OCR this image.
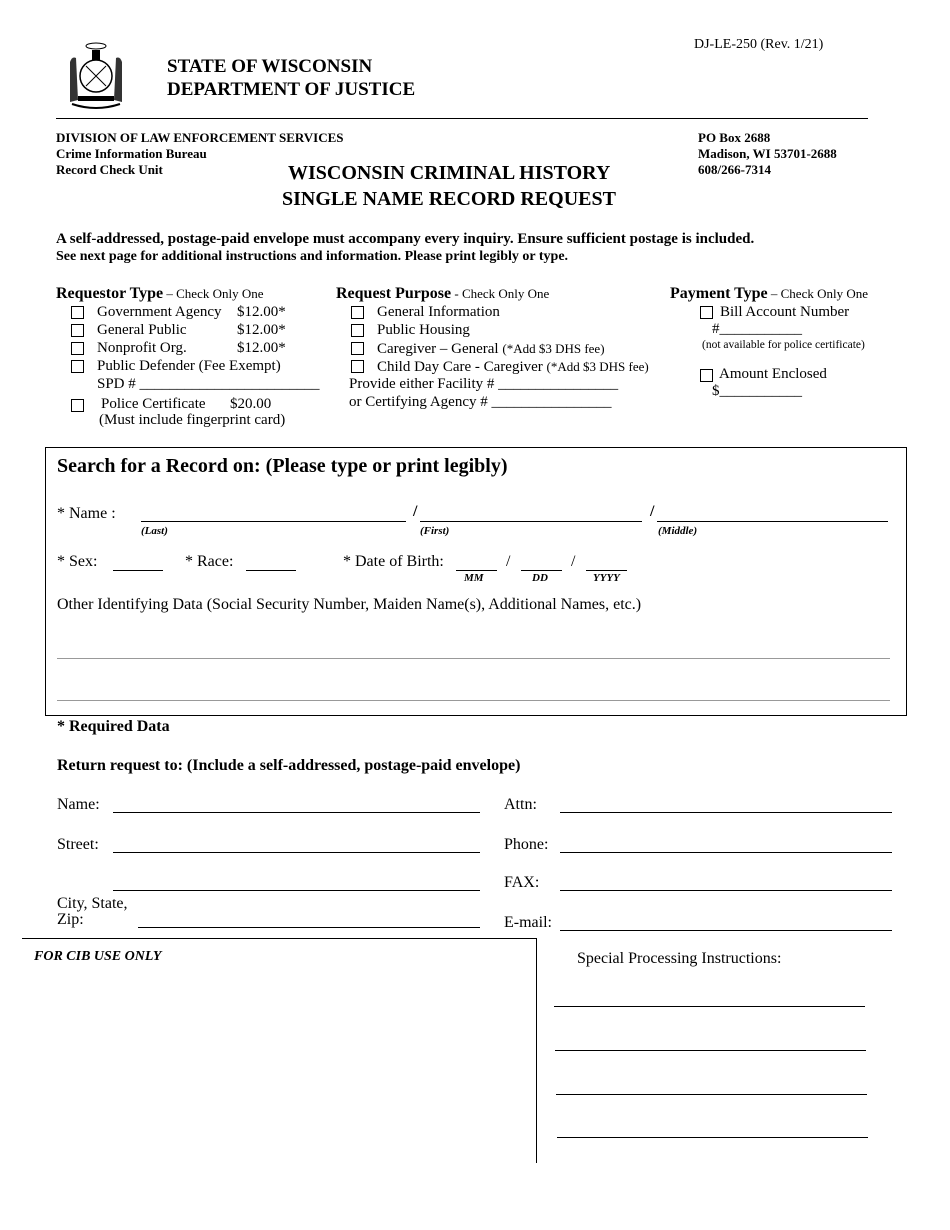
STATE OF WISCONSIN
DEPARTMENT OF JUSTICE
DJ-LE-250 (Rev. 1/21)
DIVISION OF LAW ENFORCEMENT SERVICES
Crime Information Bureau
Record Check Unit
PO Box 2688
Madison, WI 53701-2688
608/266-7314
WISCONSIN CRIMINAL HISTORY
SINGLE NAME RECORD REQUEST
A self-addressed, postage-paid envelope must accompany every inquiry. Ensure sufficient postage is included.
See next page for additional instructions and information. Please print legibly or type.
Requestor Type – Check Only One
Government Agency $12.00*
General Public	$12.00*
Nonprofit Org.	$12.00*
Public Defender (Fee Exempt)
SPD # ________________________
Police Certificate $20.00
(Must include fingerprint card)
Request Purpose - Check Only One
General Information
Public Housing
Caregiver – General (*Add $3 DHS fee)
Child Day Care - Caregiver (*Add $3 DHS fee)
Provide either Facility # ________________
or Certifying Agency # ________________
Payment Type – Check Only One
Bill Account Number
#___________
(not available for police certificate)
Amount Enclosed
$___________
Search for a Record on: (Please type or print legibly)
* Name :	/	/
(Last)	(First)	(Middle)
* Sex:	* Race:	* Date of Birth:	/	/
MM	DD	YYYY
Other Identifying Data (Social Security Number, Maiden Name(s), Additional Names, etc.)
* Required Data
Return request to: (Include a self-addressed, postage-paid envelope)
Name:
Street:
City, State,
Zip:
Attn:
Phone:
FAX:
E-mail:
FOR CIB USE ONLY	Special Processing Instructions:
